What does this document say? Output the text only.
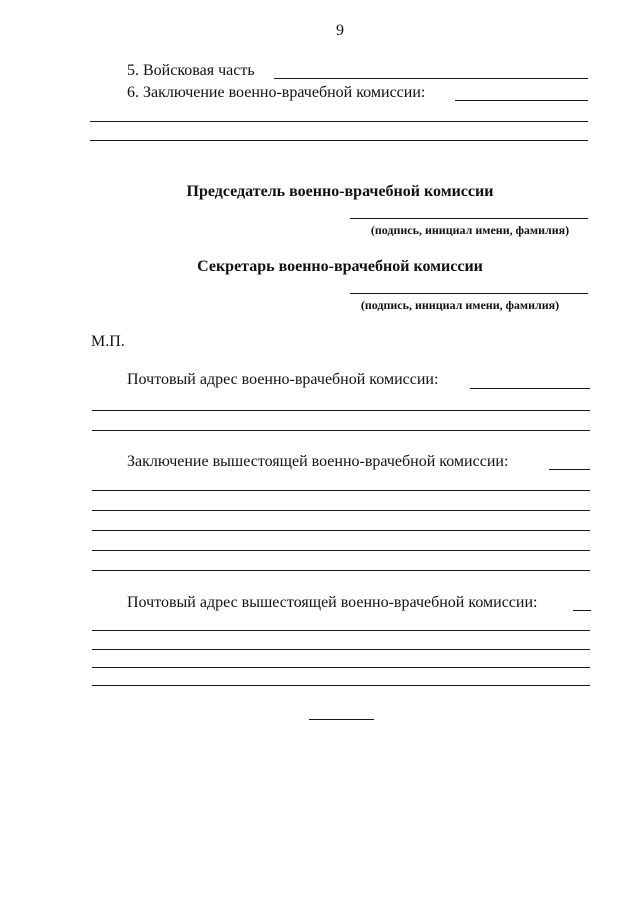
9
5. Войсковая часть
6. Заключение военно-врачебной комиссии:
Председатель военно-врачебной комиссии
(подпись, инициал имени, фамилия)
Секретарь военно-врачебной комиссии
(подпись, инициал имени, фамилия)
М.П.
Почтовый адрес военно-врачебной комиссии:
Заключение вышестоящей военно-врачебной комиссии:
Почтовый адрес вышестоящей военно-врачебной комиссии:
